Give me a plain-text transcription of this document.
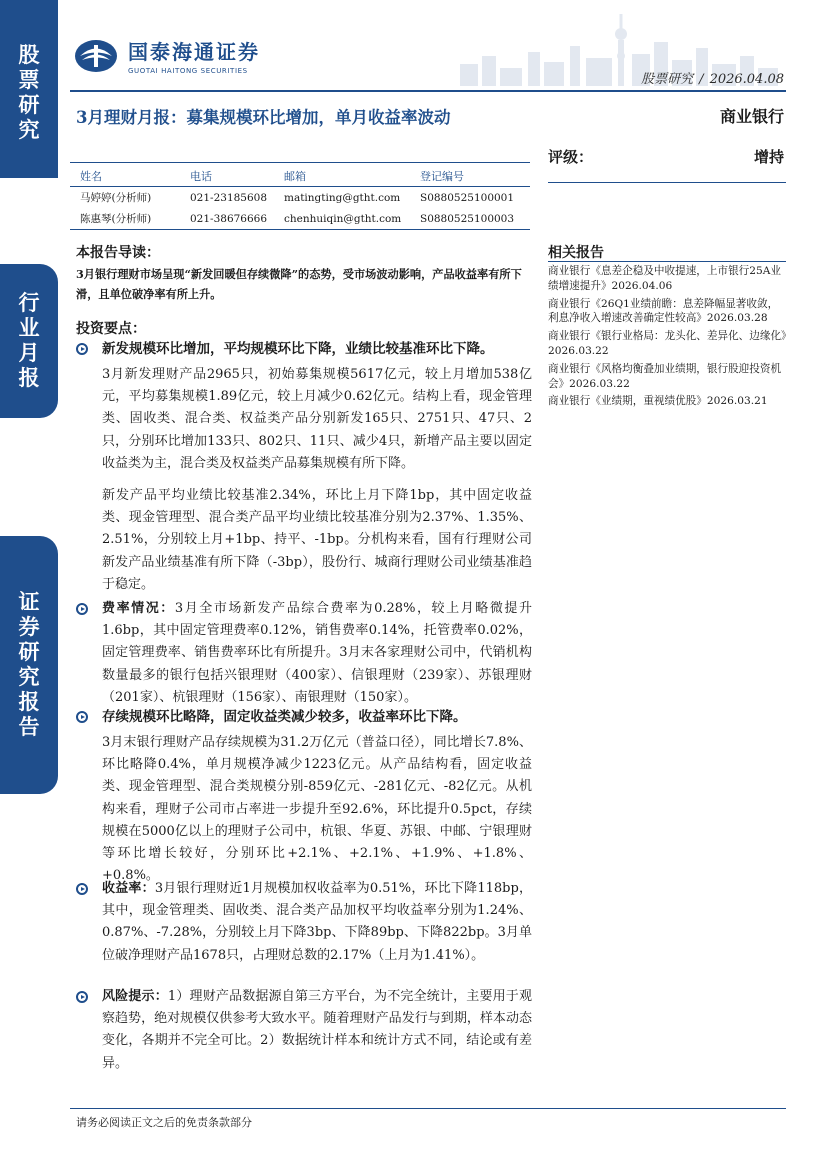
股
票
研
究
行
业
月
报
证
券
研
究
报
告
国泰海通证券
GUOTAI HAITONG SECURITIES
股票研究 / 2026.04.08
3月理财月报：募集规模环比增加，单月收益率波动	商业银行
评级：	增持
姓名	电话	邮箱	登记编号
马婷婷(分析师)	021-23185608	matingting@gtht.com	S0880525100001
陈惠琴(分析师)	021-38676666	chenhuiqin@gtht.com	S0880525100003
本报告导读：
3月银行理财市场呈现“新发回暖但存续微降”的态势，受市场波动影响，产品收益率有所下滑，且单位破净率有所上升。
投资要点：
新发规模环比增加，平均规模环比下降，业绩比较基准环比下降。
3月新发理财产品2965只，初始募集规模5617亿元，较上月增加538亿元，平均募集规模1.89亿元，较上月减少0.62亿元。结构上看，现金管理类、固收类、混合类、权益类产品分别新发165只、2751只、47只、2只，分别环比增加133只、802只、11只、减少4只，新增产品主要以固定收益类为主，混合类及权益类产品募集规模有所下降。
新发产品平均业绩比较基准2.34%，环比上月下降1bp，其中固定收益类、现金管理型、混合类产品平均业绩比较基准分别为2.37%、1.35%、2.51%，分别较上月+1bp、持平、-1bp。分机构来看，国有行理财公司新发产品业绩基准有所下降（-3bp），股份行、城商行理财公司业绩基准趋于稳定。
费率情况：3月全市场新发产品综合费率为0.28%，较上月略微提升1.6bp，其中固定管理费率0.12%，销售费率0.14%，托管费率0.02%，固定管理费率、销售费率环比有所提升。3月末各家理财公司中，代销机构数量最多的银行包括兴银理财（400家）、信银理财（239家）、苏银理财（201家）、杭银理财（156家）、南银理财（150家）。
存续规模环比略降，固定收益类减少较多，收益率环比下降。
3月末银行理财产品存续规模为31.2万亿元（普益口径），同比增长7.8%、环比略降0.4%，单月规模净减少1223亿元。从产品结构看，固定收益类、现金管理型、混合类规模分别-859亿元、-281亿元、-82亿元。从机构来看，理财子公司市占率进一步提升至92.6%，环比提升0.5pct，存续规模在5000亿以上的理财子公司中，杭银、华夏、苏银、中邮、宁银理财等环比增长较好，分别环比+2.1%、+2.1%、+1.9%、+1.8%、+0.8%。
收益率：3月银行理财近1月规模加权收益率为0.51%，环比下降118bp，其中，现金管理类、固收类、混合类产品加权平均收益率分别为1.24%、0.87%、-7.28%，分别较上月下降3bp、下降89bp、下降822bp。3月单位破净理财产品1678只，占理财总数的2.17%（上月为1.41%）。
风险提示：1）理财产品数据源自第三方平台，为不完全统计，主要用于观察趋势，绝对规模仅供参考大致水平。随着理财产品发行与到期，样本动态变化，各期并不完全可比。2）数据统计样本和统计方式不同，结论或有差异。
相关报告
商业银行《息差企稳及中收提速，上市银行25A业绩增速提升》2026.04.06
商业银行《26Q1业绩前瞻：息差降幅显著收敛，利息净收入增速改善确定性较高》2026.03.28
商业银行《银行业格局：龙头化、差异化、边缘化》2026.03.22
商业银行《风格均衡叠加业绩期，银行股迎投资机会》2026.03.22
商业银行《业绩期，重视绩优股》2026.03.21
请务必阅读正文之后的免责条款部分
